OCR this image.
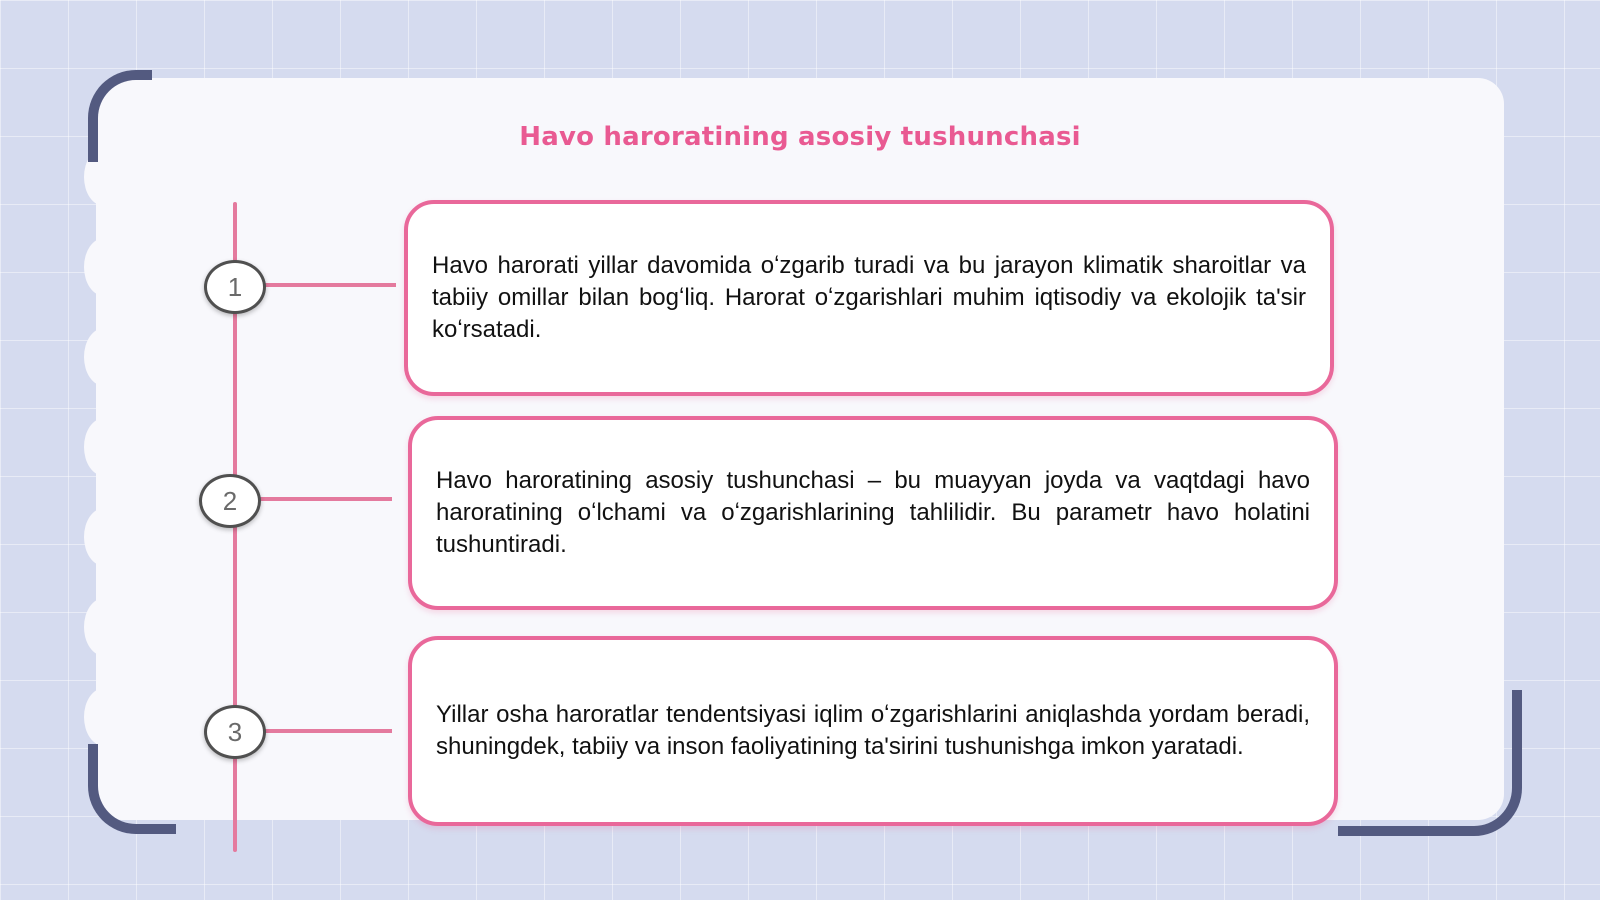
Havo haroratining asosiy tushunchasi
1

Havo harorati yillar davomida oʻzgarib turadi va bu jarayon klimatik sharoitlar va tabiiy omillar bilan bogʻliq. Harorat oʻzgarishlari muhim iqtisodiy va ekolojik ta'sir koʻrsatadi.

2

Havo haroratining asosiy tushunchasi – bu muayyan joyda va vaqtdagi havo haroratining oʻlchami va oʻzgarishlarining tahlilidir. Bu parametr havo holatini tushuntiradi.

3

Yillar osha haroratlar tendentsiyasi iqlim oʻzgarishlarini aniqlashda yordam beradi, shuningdek, tabiiy va inson faoliyatining ta'sirini tushunishga imkon yaratadi.
